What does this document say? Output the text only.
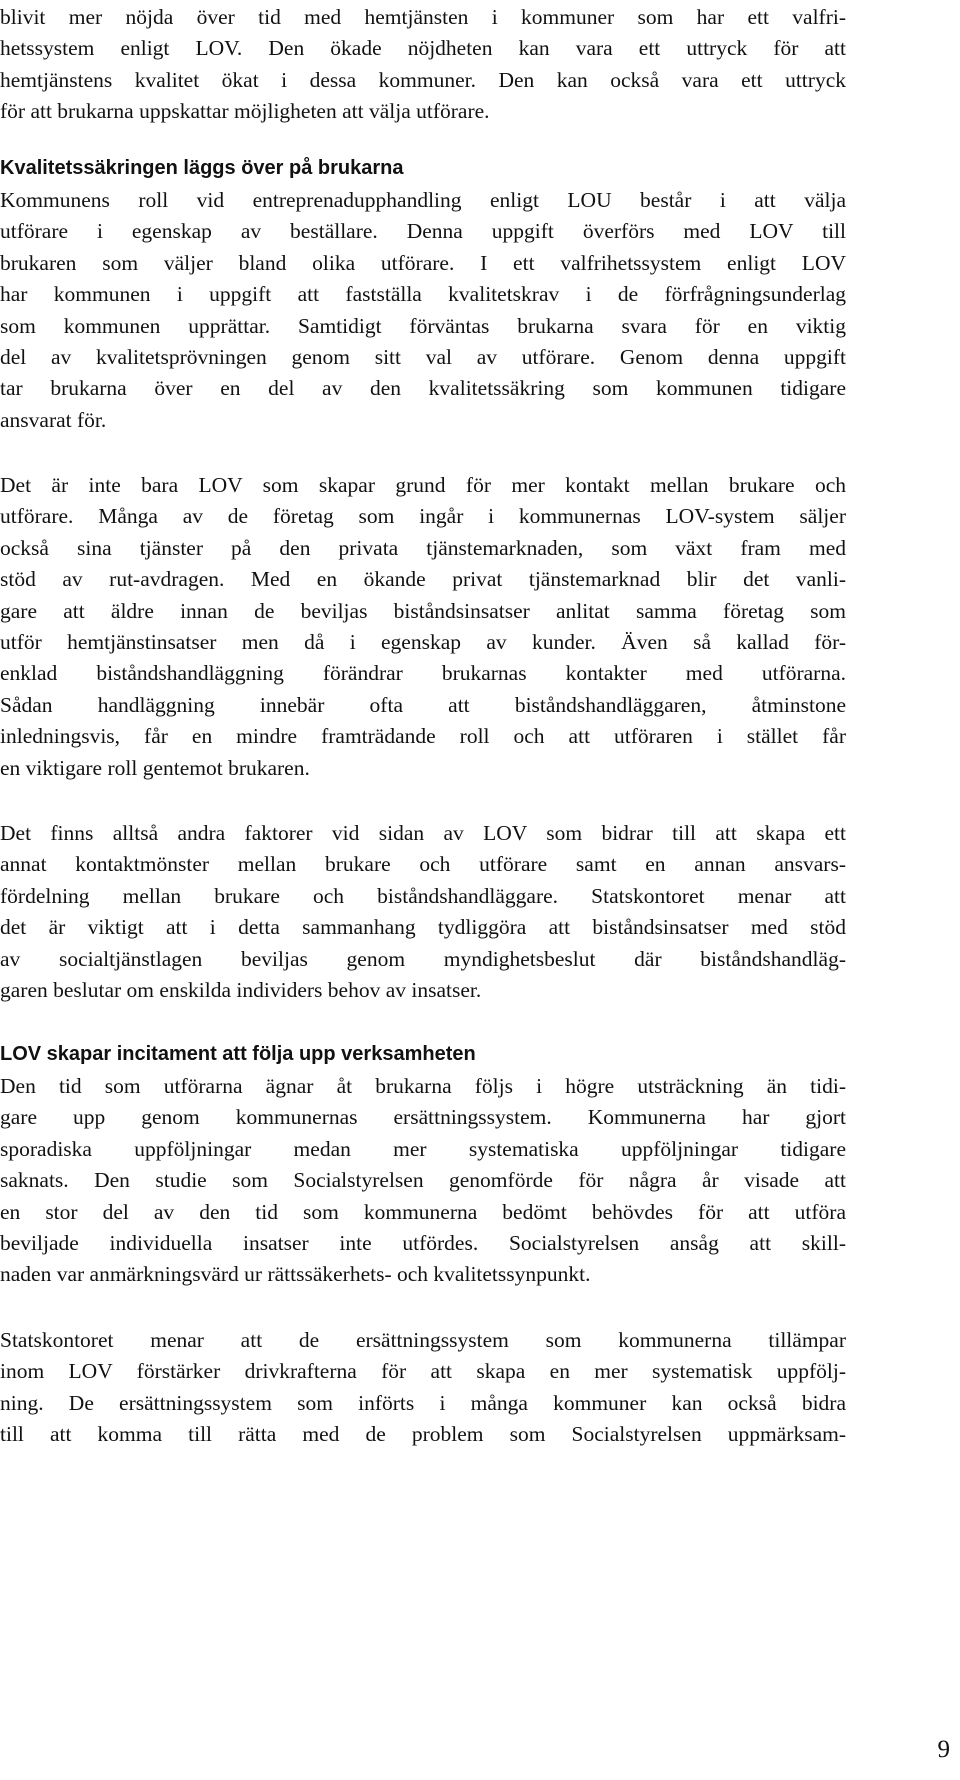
blivit mer nöjda över tid med hemtjänsten i kommuner som har ett valfri-
hetssystem enligt LOV. Den ökade nöjdheten kan vara ett uttryck för att
hemtjänstens kvalitet ökat i dessa kommuner. Den kan också vara ett uttryck
för att brukarna uppskattar möjligheten att välja utförare.
Kvalitetssäkringen läggs över på brukarna
Kommunens roll vid entreprenadupphandling enligt LOU består i att välja
utförare i egenskap av beställare. Denna uppgift överförs med LOV till
brukaren som väljer bland olika utförare. I ett valfrihetssystem enligt LOV
har kommunen i uppgift att fastställa kvalitetskrav i de förfrågningsunderlag
som kommunen upprättar. Samtidigt förväntas brukarna svara för en viktig
del av kvalitetsprövningen genom sitt val av utförare. Genom denna uppgift
tar brukarna över en del av den kvalitetssäkring som kommunen tidigare
ansvarat för.
Det är inte bara LOV som skapar grund för mer kontakt mellan brukare och
utförare. Många av de företag som ingår i kommunernas LOV-system säljer
också sina tjänster på den privata tjänstemarknaden, som växt fram med
stöd av rut-avdragen. Med en ökande privat tjänstemarknad blir det vanli-
gare att äldre innan de beviljas biståndsinsatser anlitat samma företag som
utför hemtjänstinsatser men då i egenskap av kunder. Även så kallad för-
enklad biståndshandläggning förändrar brukarnas kontakter med utförarna.
Sådan handläggning innebär ofta att biståndshandläggaren, åtminstone
inledningsvis, får en mindre framträdande roll och att utföraren i stället får
en viktigare roll gentemot brukaren.
Det finns alltså andra faktorer vid sidan av LOV som bidrar till att skapa ett
annat kontaktmönster mellan brukare och utförare samt en annan ansvars-
fördelning mellan brukare och biståndshandläggare. Statskontoret menar att
det är viktigt att i detta sammanhang tydliggöra att biståndsinsatser med stöd
av socialtjänstlagen beviljas genom myndighetsbeslut där biståndshandläg-
garen beslutar om enskilda individers behov av insatser.
LOV skapar incitament att följa upp verksamheten
Den tid som utförarna ägnar åt brukarna följs i högre utsträckning än tidi-
gare upp genom kommunernas ersättningssystem. Kommunerna har gjort
sporadiska uppföljningar medan mer systematiska uppföljningar tidigare
saknats. Den studie som Socialstyrelsen genomförde för några år visade att
en stor del av den tid som kommunerna bedömt behövdes för att utföra
beviljade individuella insatser inte utfördes. Socialstyrelsen ansåg att skill-
naden var anmärkningsvärd ur rättssäkerhets- och kvalitetssynpunkt.
Statskontoret menar att de ersättningssystem som kommunerna tillämpar
inom LOV förstärker drivkrafterna för att skapa en mer systematisk uppfölj-
ning. De ersättningssystem som införts i många kommuner kan också bidra
till att komma till rätta med de problem som Socialstyrelsen uppmärksam-
9
